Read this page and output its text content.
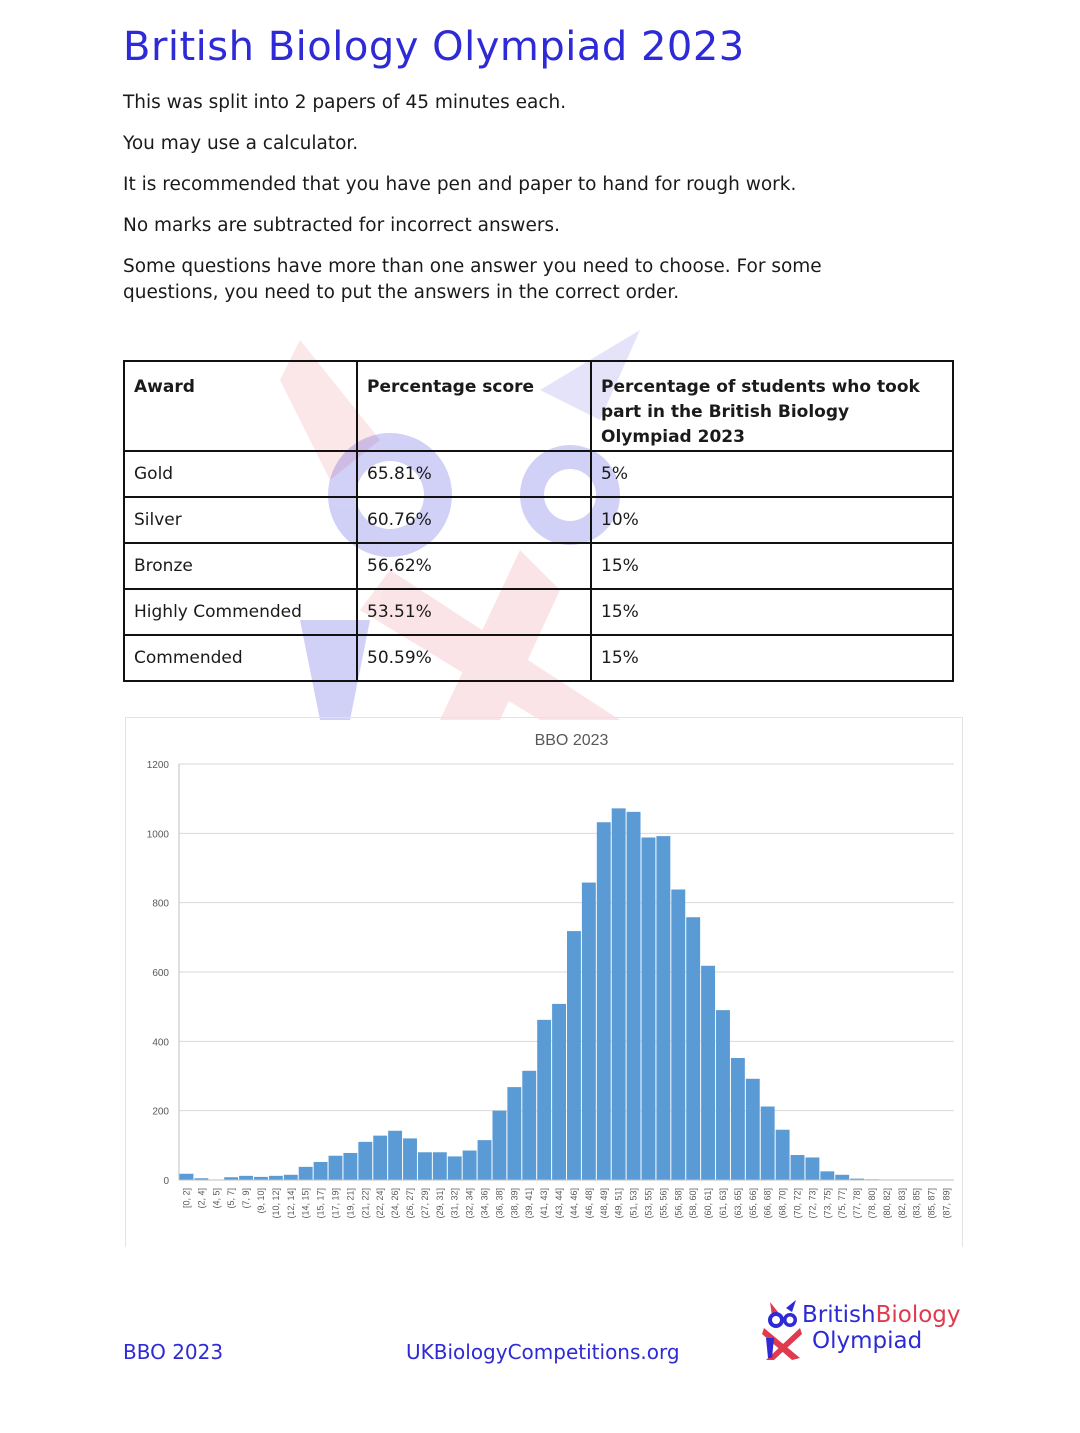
British Biology Olympiad 2023

This was split into 2 papers of 45 minutes each.

You may use a calculator.

It is recommended that you have pen and paper to hand for rough work.

No marks are subtracted for incorrect answers.

Some questions have more than one answer you need to choose. For some questions, you need to put the answers in the correct order.

Award	Percentage score	Percentage of students who took part in the British Biology Olympiad 2023
Gold	65.81%	5%
Silver	60.76%	10%
Bronze	56.62%	15%
Highly Commended	53.51%	15%
Commended	50.59%	15%
BBO 2023
0
200
400
600
800
1000
1200
[0, 2] (2, 4] (4, 5] (5, 7] (7, 9] (9, 10] (10, 12] (12, 14] (14, 15] (15, 17] (17, 19] (19, 21] (21, 22] (22, 24] (24, 26] (26, 27] (27, 29] (29, 31] (31, 32] (32, 34] (34, 36] (36, 38] (38, 39] (39, 41] (41, 43] (43, 44] (44, 46] (46, 48] (48, 49] (49, 51] (51, 53] (53, 55] (55, 56] (56, 58] (58, 60] (60, 61] (61, 63] (63, 65] (65, 66] (66, 68] (68, 70] (70, 72] (72, 73] (73, 75] (75, 77] (77, 78] (78, 80] (80, 82] (82, 83] (83, 85] (85, 87] (87, 89]
BBO 2023	UKBiologyCompetitions.org
BritishBiology
Olympiad
